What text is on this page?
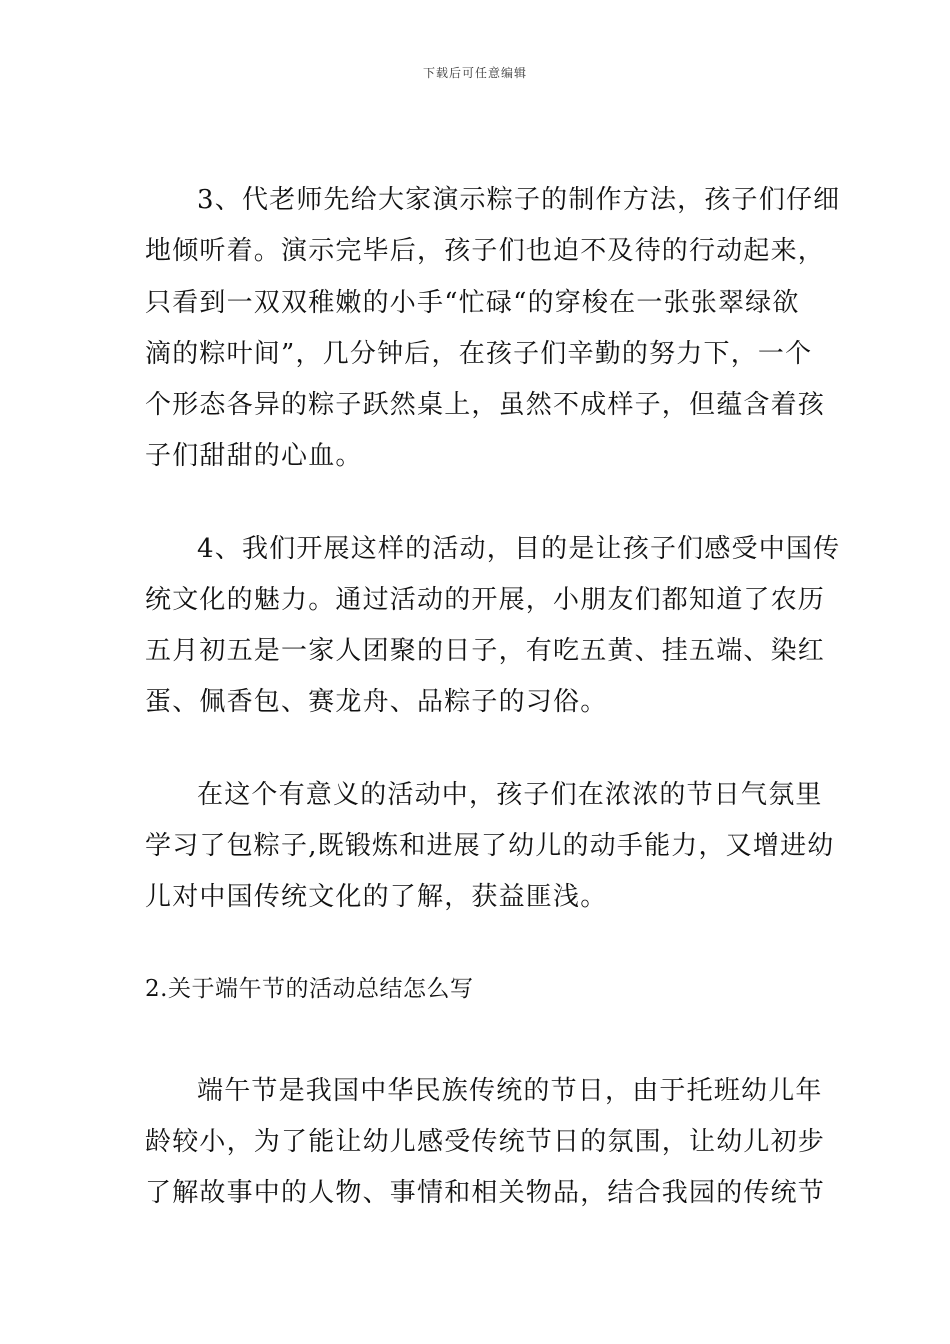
下载后可任意编辑
3、代老师先给大家演示粽子的制作方法，孩子们仔细
地倾听着。演示完毕后，孩子们也迫不及待的行动起来，
只看到一双双稚嫩的小手“忙碌“的穿梭在一张张翠绿欲
滴的粽叶间”，几分钟后，在孩子们辛勤的努力下，一个
个形态各异的粽子跃然桌上，虽然不成样子，但蕴含着孩
子们甜甜的心血。
4、我们开展这样的活动，目的是让孩子们感受中国传
统文化的魅力。通过活动的开展，小朋友们都知道了农历
五月初五是一家人团聚的日子，有吃五黄、挂五端、染红
蛋、佩香包、赛龙舟、品粽子的习俗。
在这个有意义的活动中，孩子们在浓浓的节日气氛里
学习了包粽子,既锻炼和进展了幼儿的动手能力，又增进幼
儿对中国传统文化的了解，获益匪浅。
2.关于端午节的活动总结怎么写
端午节是我国中华民族传统的节日，由于托班幼儿年
龄较小，为了能让幼儿感受传统节日的氛围，让幼儿初步
了解故事中的人物、事情和相关物品，结合我园的传统节
